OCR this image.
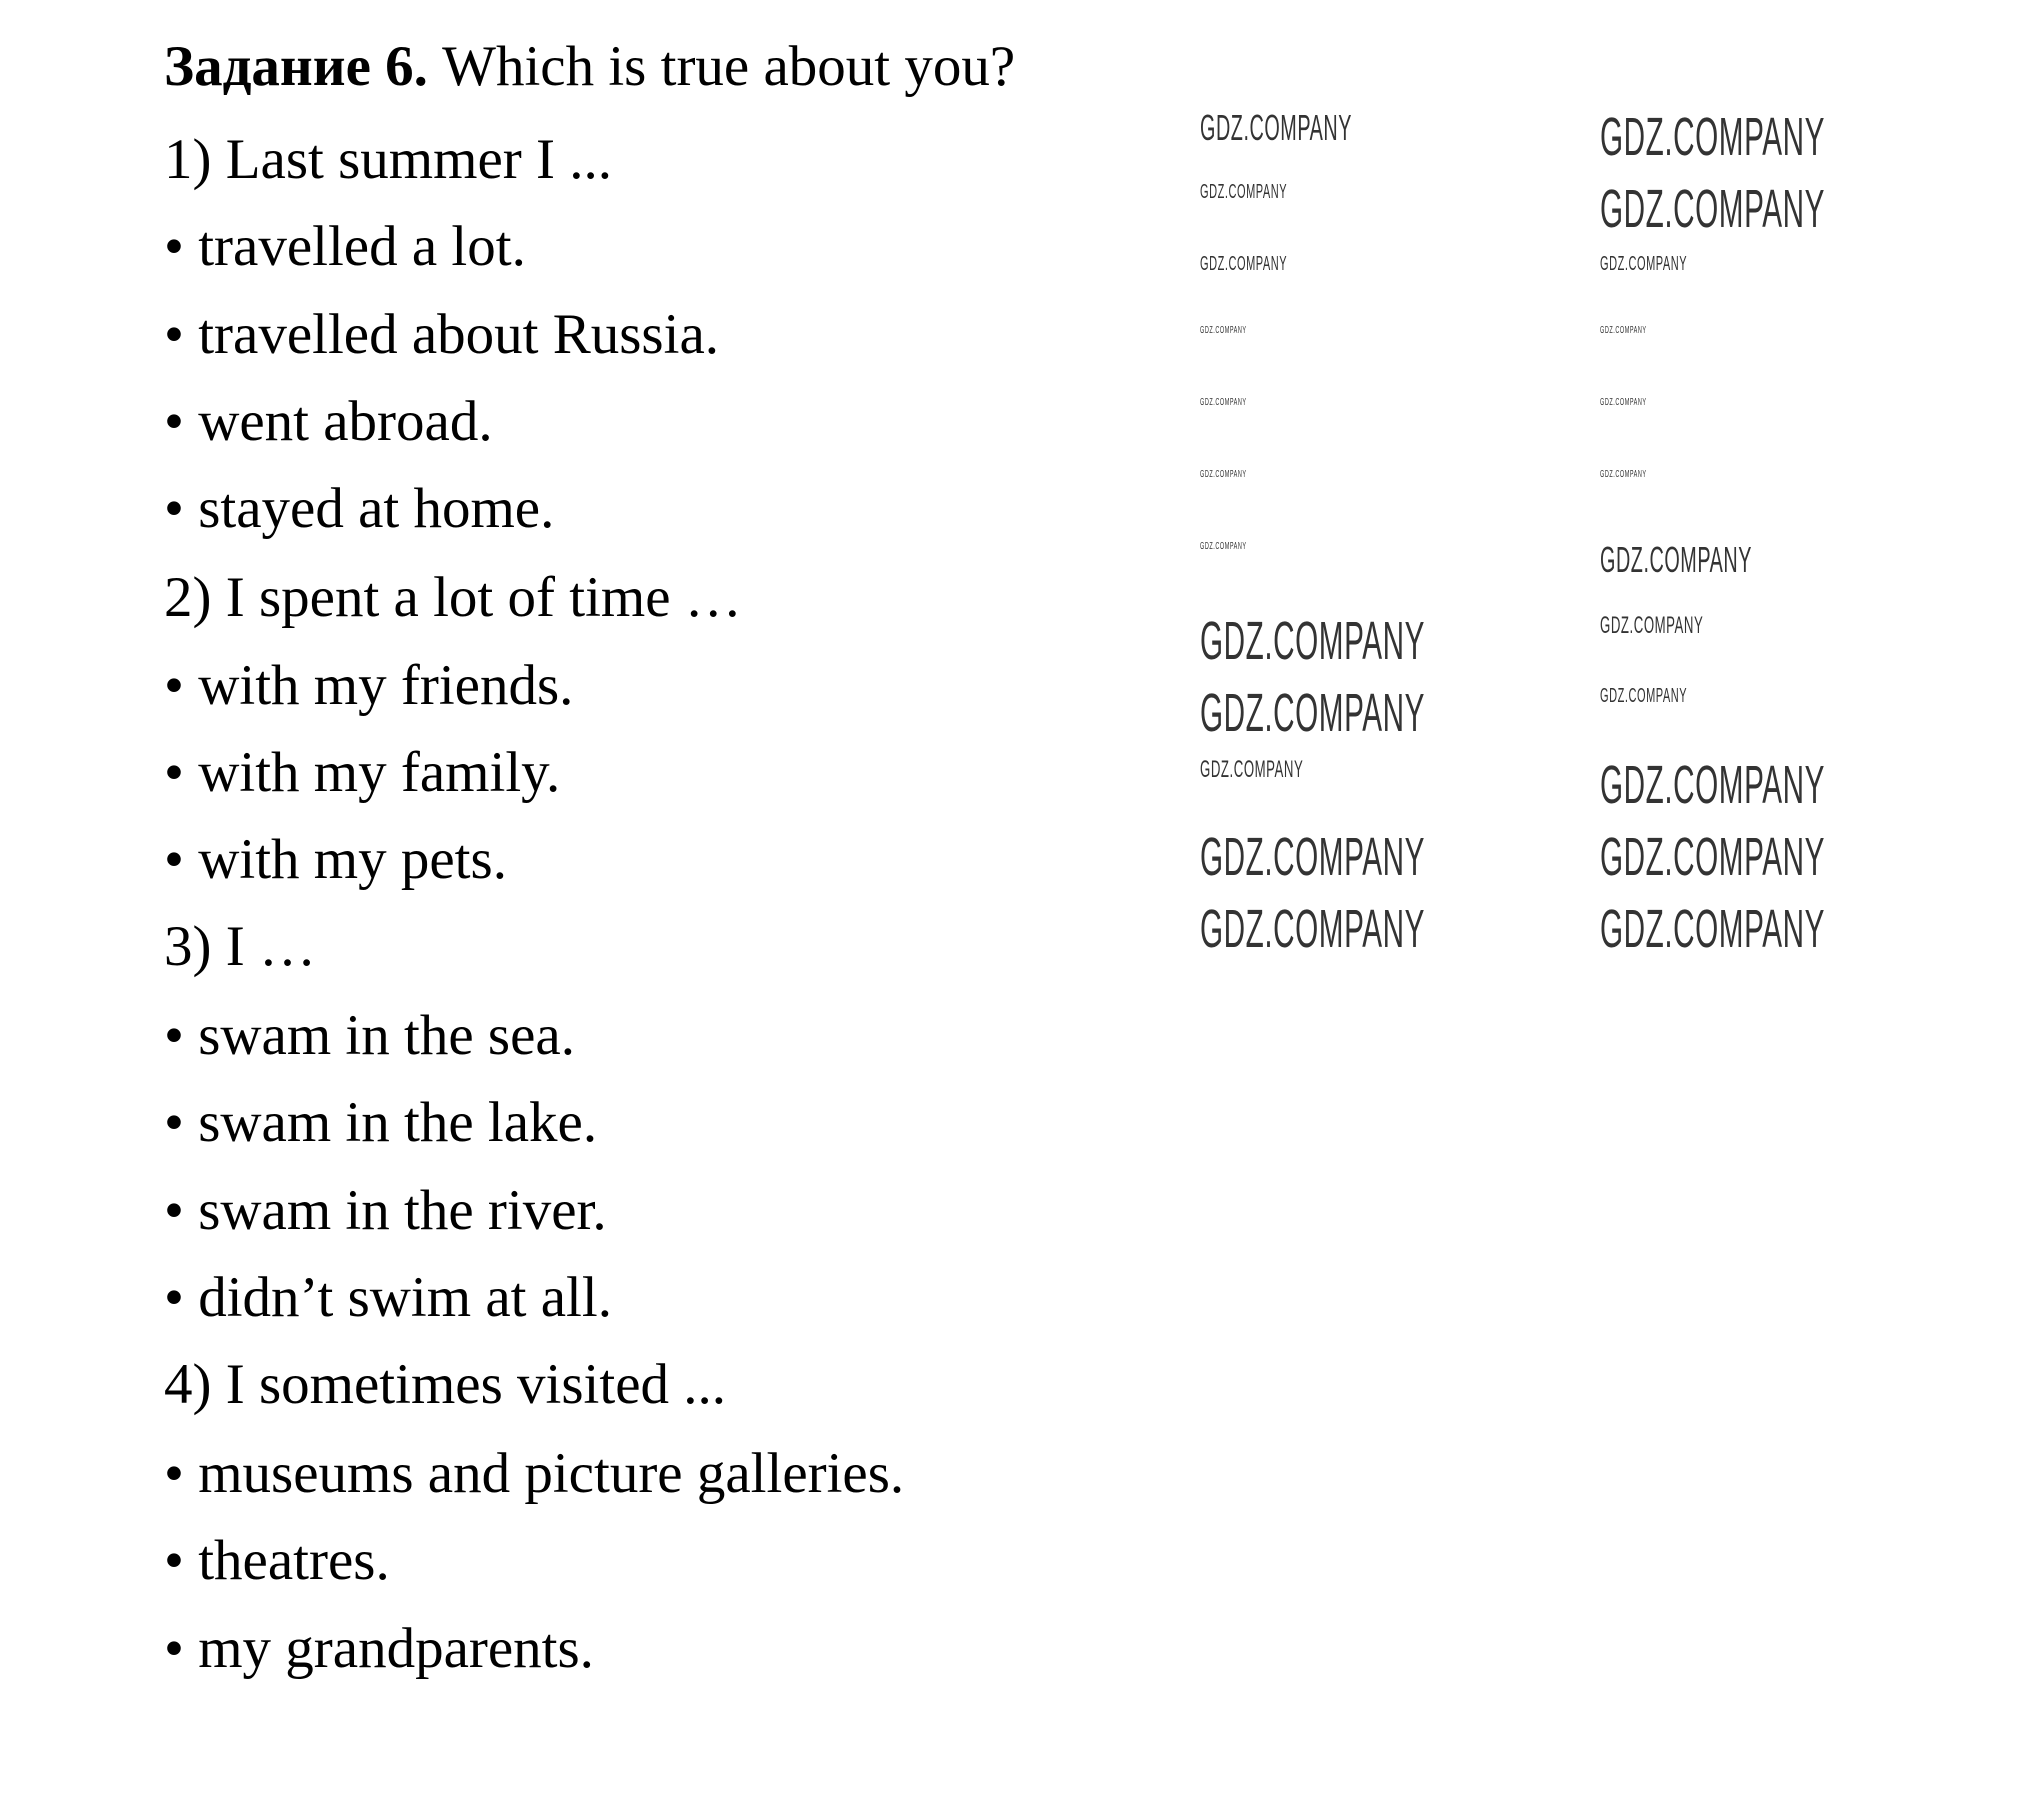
Задание 6. Which is true about you?
1) Last summer I ...
• travelled a lot.
• travelled about Russia.
• went abroad.
• stayed at home.
2) I spent a lot of time …
• with my friends.
• with my family.
• with my pets.
3) I …
• swam in the sea.
• swam in the lake.
• swam in the river.
• didn’t swim at all.
4) I sometimes visited ...
• museums and picture galleries.
• theatres.
• my grandparents.
GDZ.COMPANY	GDZ.COMPANY
GDZ.COMPANY	GDZ.COMPANY
GDZ.COMPANY	GDZ.COMPANY
GDZ.COMPANY	GDZ.COMPANY
GDZ.COMPANY	GDZ.COMPANY
GDZ.COMPANY	GDZ.COMPANY
GDZ.COMPANY	GDZ.COMPANY
GDZ.COMPANY	GDZ.COMPANY
GDZ.COMPANY	GDZ.COMPANY
GDZ.COMPANY	GDZ.COMPANY
GDZ.COMPANY	GDZ.COMPANY
GDZ.COMPANY	GDZ.COMPANY
